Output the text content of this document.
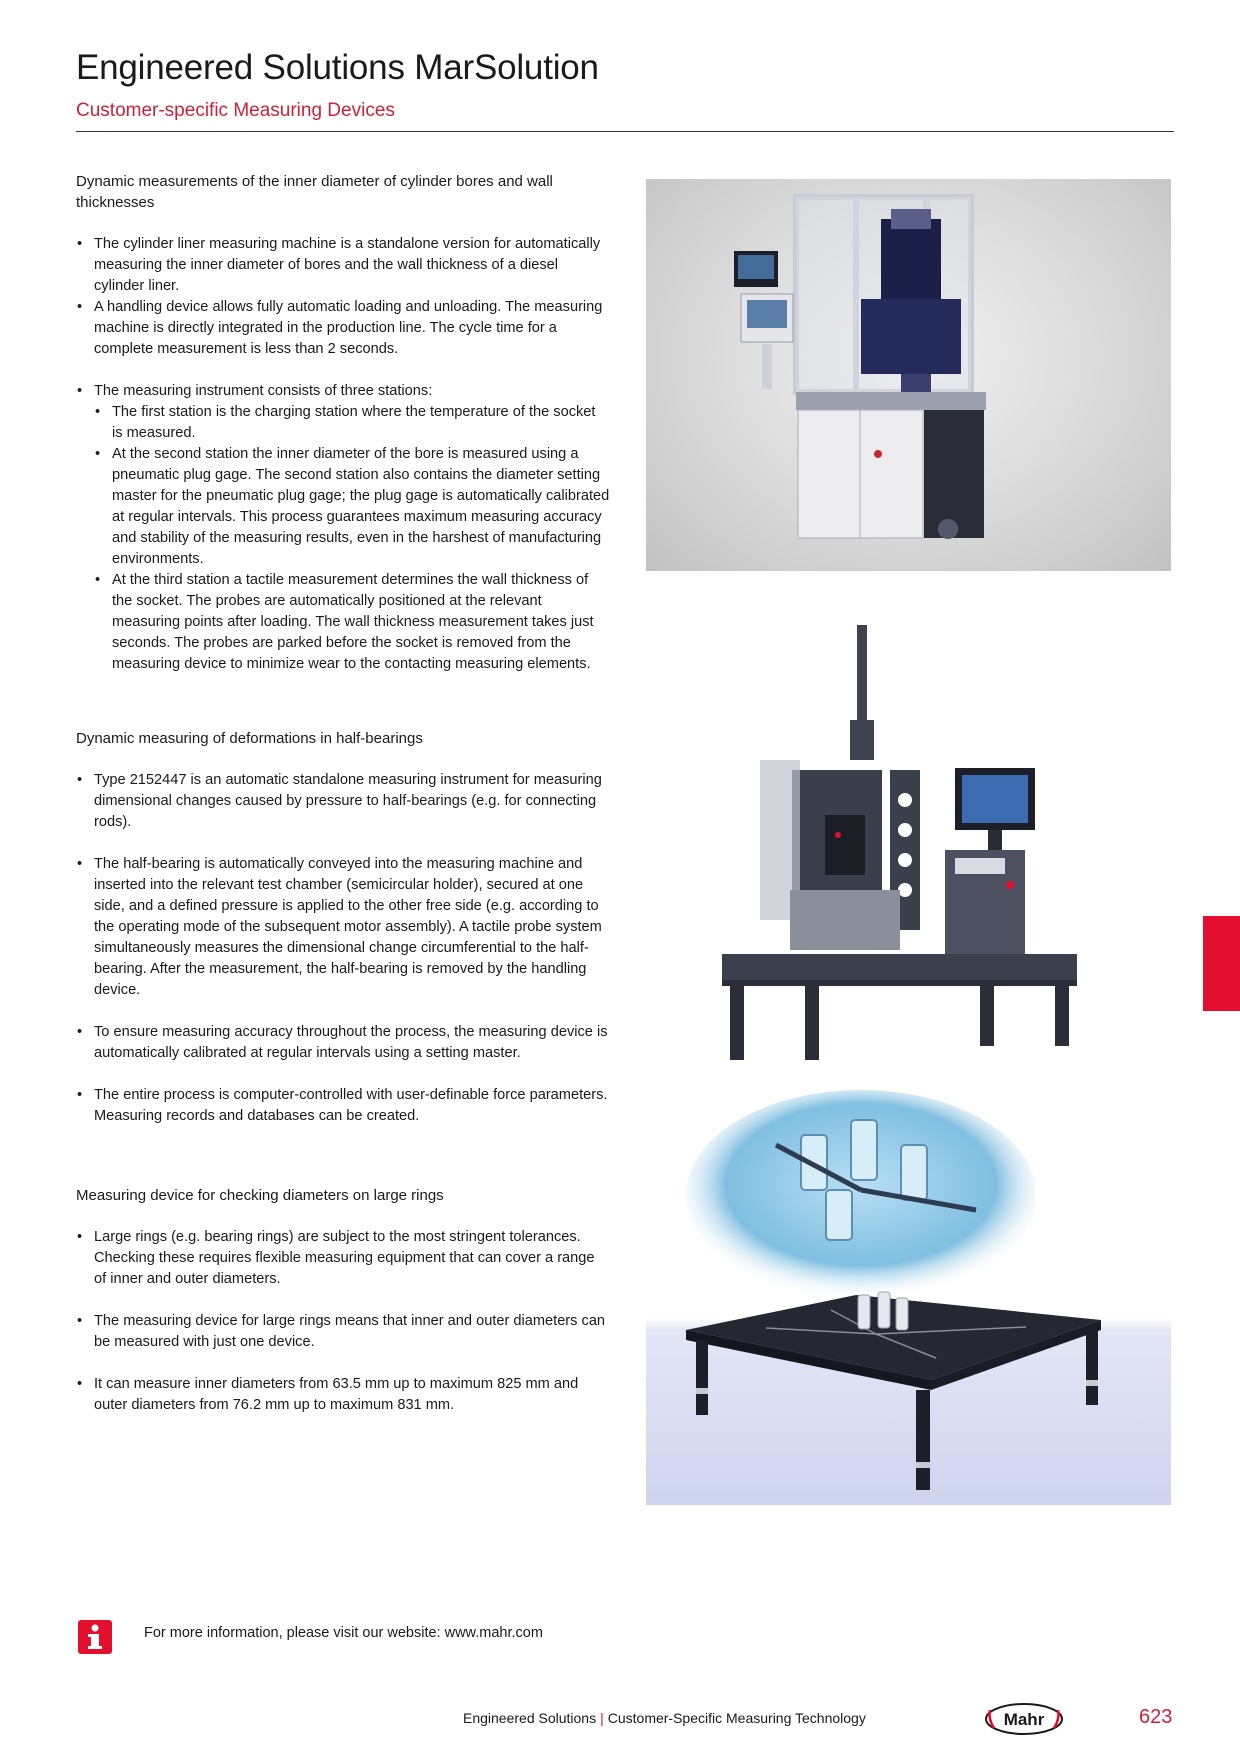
Engineered Solutions MarSolution
Customer-specific Measuring Devices

Dynamic measurements of the inner diameter of cylinder bores and wall thicknesses

• The cylinder liner measuring machine is a standalone version for automatically measuring the inner diameter of bores and the wall thickness of a diesel cylinder liner.
• A handling device allows fully automatic loading and unloading. The measuring machine is directly integrated in the production line. The cycle time for a complete measurement is less than 2 seconds.
• The measuring instrument consists of three stations:
• The first station is the charging station where the temperature of the socket is measured.
• At the second station the inner diameter of the bore is measured using a pneumatic plug gage. The second station also contains the diameter setting master for the pneumatic plug gage; the plug gage is automatically calibrated at regular intervals. This process guarantees maximum measuring accuracy and stability of the measuring results, even in the harshest of manufacturing environments.
• At the third station a tactile measurement determines the wall thickness of the socket. The probes are automatically positioned at the relevant measuring points after loading. The wall thickness measurement takes just seconds. The probes are parked before the socket is removed from the measuring device to minimize wear to the contacting measuring elements.

Dynamic measuring of deformations in half-bearings

• Type 2152447 is an automatic standalone measuring instrument for measuring dimensional changes caused by pressure to half-bearings (e.g. for connecting rods).
• The half-bearing is automatically conveyed into the measuring machine and inserted into the relevant test chamber (semicircular holder), secured at one side, and a defined pressure is applied to the other free side (e.g. according to the operating mode of the subsequent motor assembly). A tactile probe system simultaneously measures the dimensional change circumferential to the half-bearing. After the measurement, the half-bearing is removed by the handling device.
• To ensure measuring accuracy throughout the process, the measuring device is automatically calibrated at regular intervals using a setting master.
• The entire process is computer-controlled with user-definable force parameters. Measuring records and databases can be created.

Measuring device for checking diameters on large rings

• Large rings (e.g. bearing rings) are subject to the most stringent tolerances. Checking these requires flexible measuring equipment that can cover a range of inner and outer diameters.
• The measuring device for large rings means that inner and outer diameters can be measured with just one device.
• It can measure inner diameters from 63.5 mm up to maximum 825 mm and outer diameters from 76.2 mm up to maximum 831 mm.
For more information, please visit our website: www.mahr.com
Engineered Solutions | Customer-Specific Measuring Technology	Mahr	623
